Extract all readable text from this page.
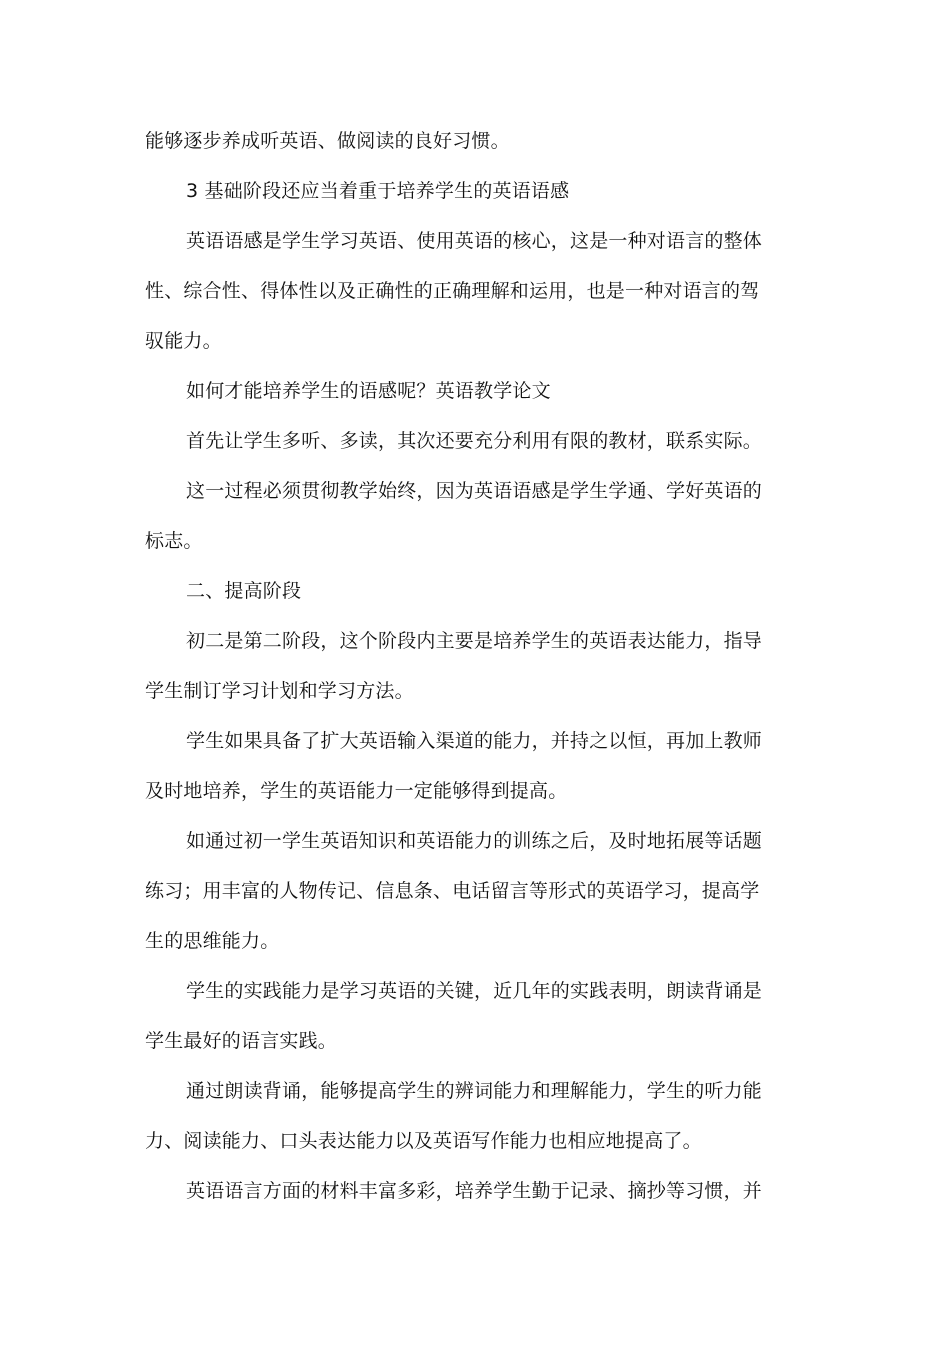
能够逐步养成听英语、做阅读的良好习惯。
3 基础阶段还应当着重于培养学生的英语语感
英语语感是学生学习英语、使用英语的核心，这是一种对语言的整体
性、综合性、得体性以及正确性的正确理解和运用，也是一种对语言的驾
驭能力。
如何才能培养学生的语感呢？英语教学论文
首先让学生多听、多读，其次还要充分利用有限的教材，联系实际。
这一过程必须贯彻教学始终，因为英语语感是学生学通、学好英语的
标志。
二、提高阶段
初二是第二阶段，这个阶段内主要是培养学生的英语表达能力，指导
学生制订学习计划和学习方法。
学生如果具备了扩大英语输入渠道的能力，并持之以恒，再加上教师
及时地培养，学生的英语能力一定能够得到提高。
如通过初一学生英语知识和英语能力的训练之后，及时地拓展等话题
练习；用丰富的人物传记、信息条、电话留言等形式的英语学习，提高学
生的思维能力。
学生的实践能力是学习英语的关键，近几年的实践表明，朗读背诵是
学生最好的语言实践。
通过朗读背诵，能够提高学生的辨词能力和理解能力，学生的听力能
力、阅读能力、口头表达能力以及英语写作能力也相应地提高了。
英语语言方面的材料丰富多彩，培养学生勤于记录、摘抄等习惯，并
